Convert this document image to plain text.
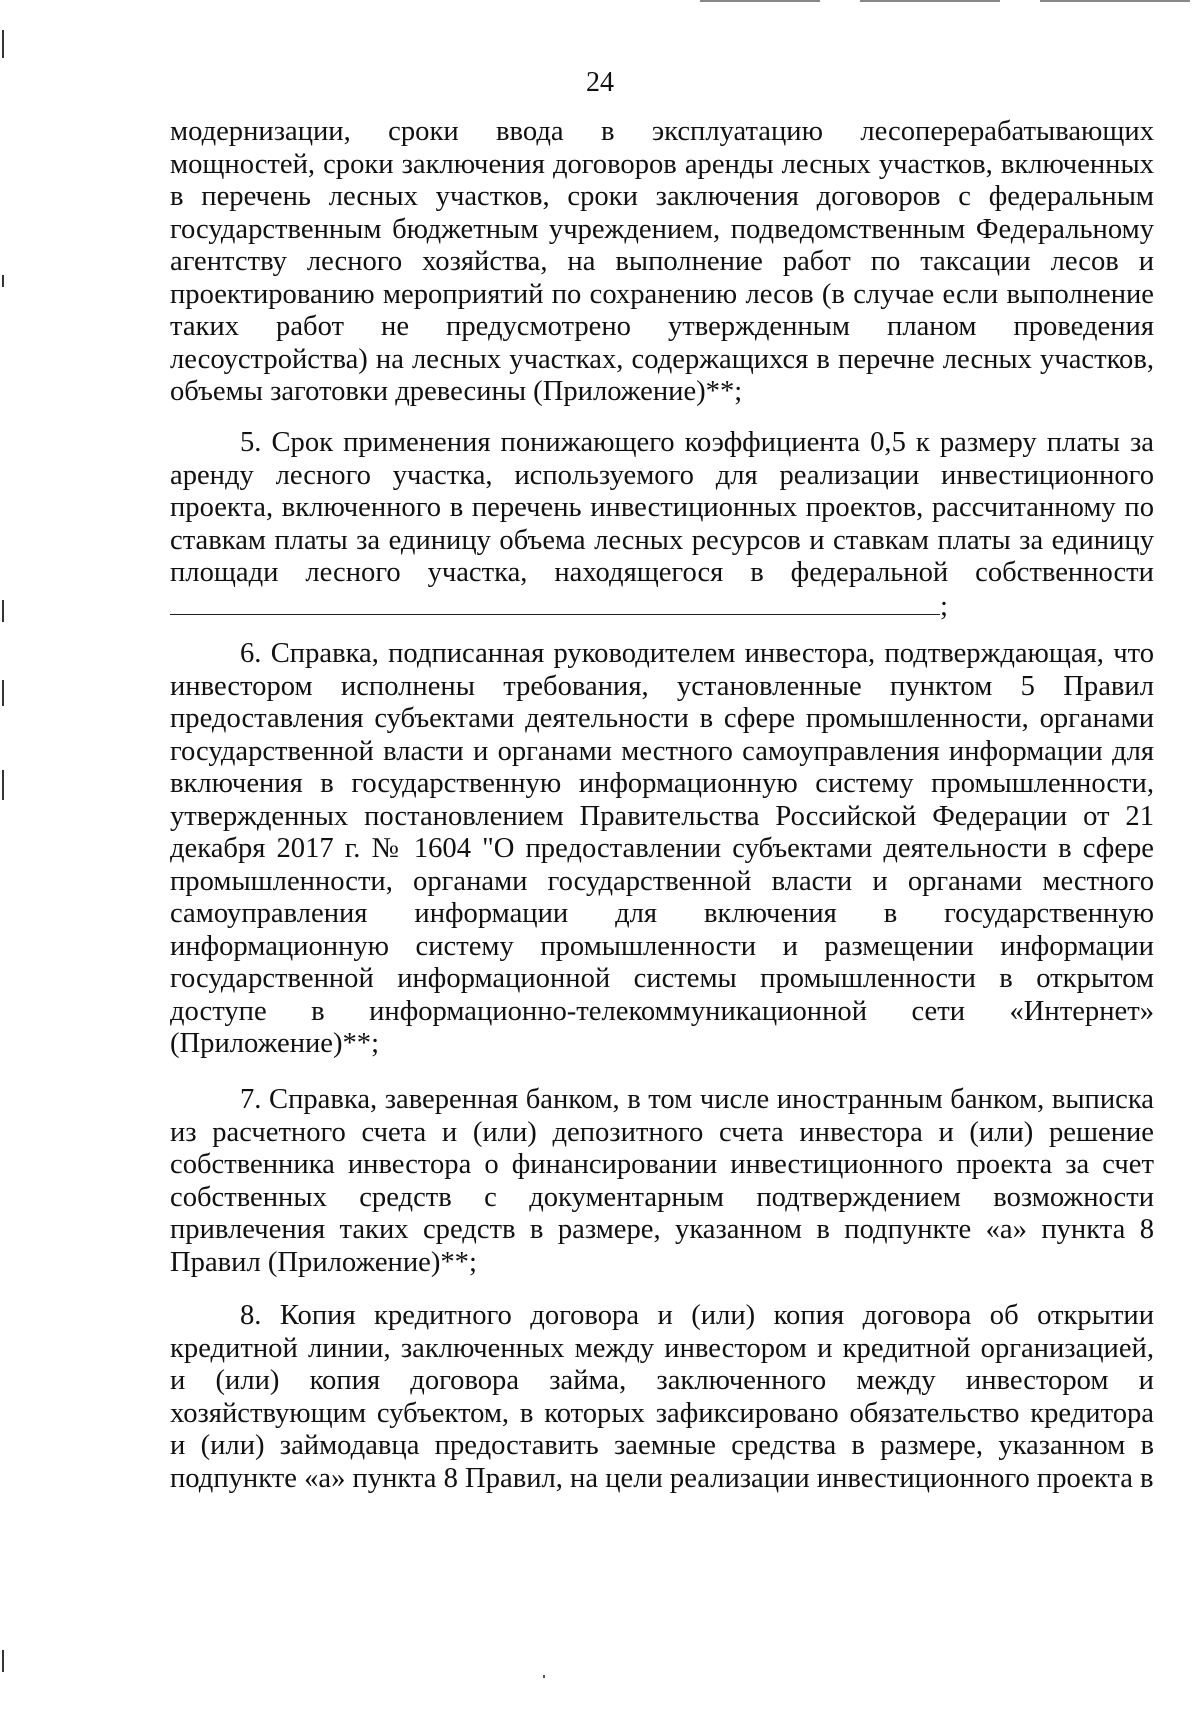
24

модернизации, сроки ввода в эксплуатацию лесоперерабатывающих мощностей, сроки заключения договоров аренды лесных участков, включенных в перечень лесных участков, сроки заключения договоров с федеральным государственным бюджетным учреждением, подведомственным Федеральному агентству лесного хозяйства, на выполнение работ по таксации лесов и проектированию мероприятий по сохранению лесов (в случае если выполнение таких работ не предусмотрено утвержденным планом проведения лесоустройства) на лесных участках, содержащихся в перечне лесных участков, объемы заготовки древесины (Приложение)**;

5. Срок применения понижающего коэффициента 0,5 к размеру платы за аренду лесного участка, используемого для реализации инвестиционного проекта, включенного в перечень инвестиционных проектов, рассчитанному по ставкам платы за единицу объема лесных ресурсов и ставкам платы за единицу площади лесного участка, находящегося в федеральной собственности;

6. Справка, подписанная руководителем инвестора, подтверждающая, что инвестором исполнены требования, установленные пунктом 5 Правил предоставления субъектами деятельности в сфере промышленности, органами государственной власти и органами местного самоуправления информации для включения в государственную информационную систему промышленности, утвержденных постановлением Правительства Российской Федерации от 21 декабря 2017 г. № 1604 "О предоставлении субъектами деятельности в сфере промышленности, органами государственной власти и органами местного самоуправления информации для включения в государственную информационную систему промышленности и размещении информации государственной информационной системы промышленности в открытом доступе в информационно-телекоммуникационной сети «Интернет» (Приложение)**;

7. Справка, заверенная банком, в том числе иностранным банком, выписка из расчетного счета и (или) депозитного счета инвестора и (или) решение собственника инвестора о финансировании инвестиционного проекта за счет собственных средств с документарным подтверждением возможности привлечения таких средств в размере, указанном в подпункте «а» пункта 8 Правил (Приложение)**;

8. Копия кредитного договора и (или) копия договора об открытии кредитной линии, заключенных между инвестором и кредитной организацией, и (или) копия договора займа, заключенного между инвестором и хозяйствующим субъектом, в которых зафиксировано обязательство кредитора и (или) займодавца предоставить заемные средства в размере, указанном в подпункте «а» пункта 8 Правил, на цели реализации инвестиционного проекта в
